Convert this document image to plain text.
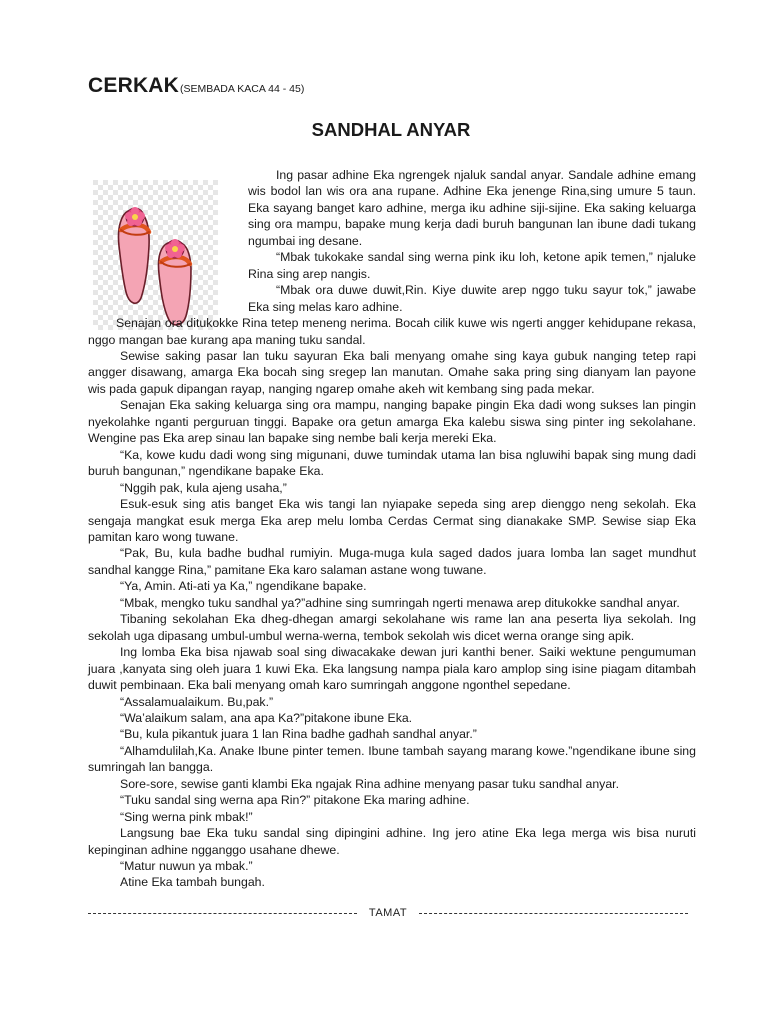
CERKAK(SEMBADA KACA 44 - 45)
SANDHAL ANYAR

Ing pasar adhine Eka ngrengek njaluk sandal anyar. Sandale adhine emang wis bodol lan wis ora ana rupane. Adhine Eka jenenge Rina,sing umure 5 taun. Eka sayang banget karo adhine, merga iku adhine siji-sijine. Eka saking keluarga sing ora mampu, bapake mung kerja dadi buruh bangunan lan ibune dadi tukang ngumbai ing desane.

“Mbak tukokake sandal sing werna pink iku loh, ketone apik temen,” njaluke Rina sing arep nangis.

“Mbak ora duwe duwit,Rin. Kiye duwite arep nggo tuku sayur tok,” jawabe Eka sing melas karo adhine.

Senajan ora ditukokke Rina tetep meneng nerima. Bocah cilik kuwe wis ngerti angger kehidupane rekasa, nggo mangan bae kurang apa maning tuku sandal.

Sewise saking pasar lan tuku sayuran Eka bali menyang omahe sing kaya gubuk nanging tetep rapi angger disawang, amarga Eka bocah sing sregep lan manutan. Omahe saka pring sing dianyam lan payone wis pada gapuk dipangan rayap, nanging ngarep omahe akeh wit kembang sing pada mekar.

Senajan Eka saking keluarga sing ora mampu, nanging bapake pingin Eka dadi wong sukses lan pingin nyekolahke nganti perguruan tinggi. Bapake ora getun amarga Eka kalebu siswa sing pinter ing sekolahane. Wengine pas Eka arep sinau lan bapake sing nembe bali kerja mereki Eka.

“Ka, kowe kudu dadi wong sing migunani, duwe tumindak utama lan bisa ngluwihi bapak sing mung dadi buruh bangunan,” ngendikane bapake Eka.

“Nggih pak, kula ajeng usaha,”

Esuk-esuk sing atis banget Eka wis tangi lan nyiapake sepeda sing arep dienggo neng sekolah. Eka sengaja mangkat esuk merga Eka arep melu lomba Cerdas Cermat sing dianakake SMP. Sewise siap Eka pamitan karo wong tuwane.

“Pak, Bu, kula badhe budhal rumiyin. Muga-muga kula saged dados juara lomba lan saget mundhut sandhal kangge Rina,” pamitane Eka karo salaman astane wong tuwane.

“Ya, Amin. Ati-ati ya Ka,” ngendikane bapake.

“Mbak, mengko tuku sandhal ya?”adhine sing sumringah ngerti menawa arep ditukokke sandhal anyar.

Tibaning sekolahan Eka dheg-dhegan amargi sekolahane wis rame lan ana peserta liya sekolah. Ing sekolah uga dipasang umbul-umbul werna-werna, tembok sekolah wis dicet werna orange sing apik.

Ing lomba Eka bisa njawab soal sing diwacakake dewan juri kanthi bener. Saiki wektune pengumuman juara ,kanyata sing oleh juara 1 kuwi Eka. Eka langsung nampa piala karo amplop sing isine piagam ditambah duwit pembinaan. Eka bali menyang omah karo sumringah anggone ngonthel sepedane.

“Assalamualaikum. Bu,pak.”

“Wa’alaikum salam, ana apa Ka?”pitakone ibune Eka.

“Bu, kula pikantuk juara 1 lan Rina badhe gadhah sandhal anyar.”

“Alhamdulilah,Ka. Anake Ibune pinter temen. Ibune tambah sayang marang kowe.”ngendikane ibune sing sumringah lan bangga.

Sore-sore, sewise ganti klambi Eka ngajak Rina adhine menyang pasar tuku sandhal anyar.

“Tuku sandal sing werna apa Rin?” pitakone Eka maring adhine.

“Sing werna pink mbak!”

Langsung bae Eka tuku sandal sing dipingini adhine. Ing jero atine Eka lega merga wis bisa nuruti kepinginan adhine ngganggo usahane dhewe.

“Matur nuwun ya mbak.”

Atine Eka tambah bungah.

TAMAT
